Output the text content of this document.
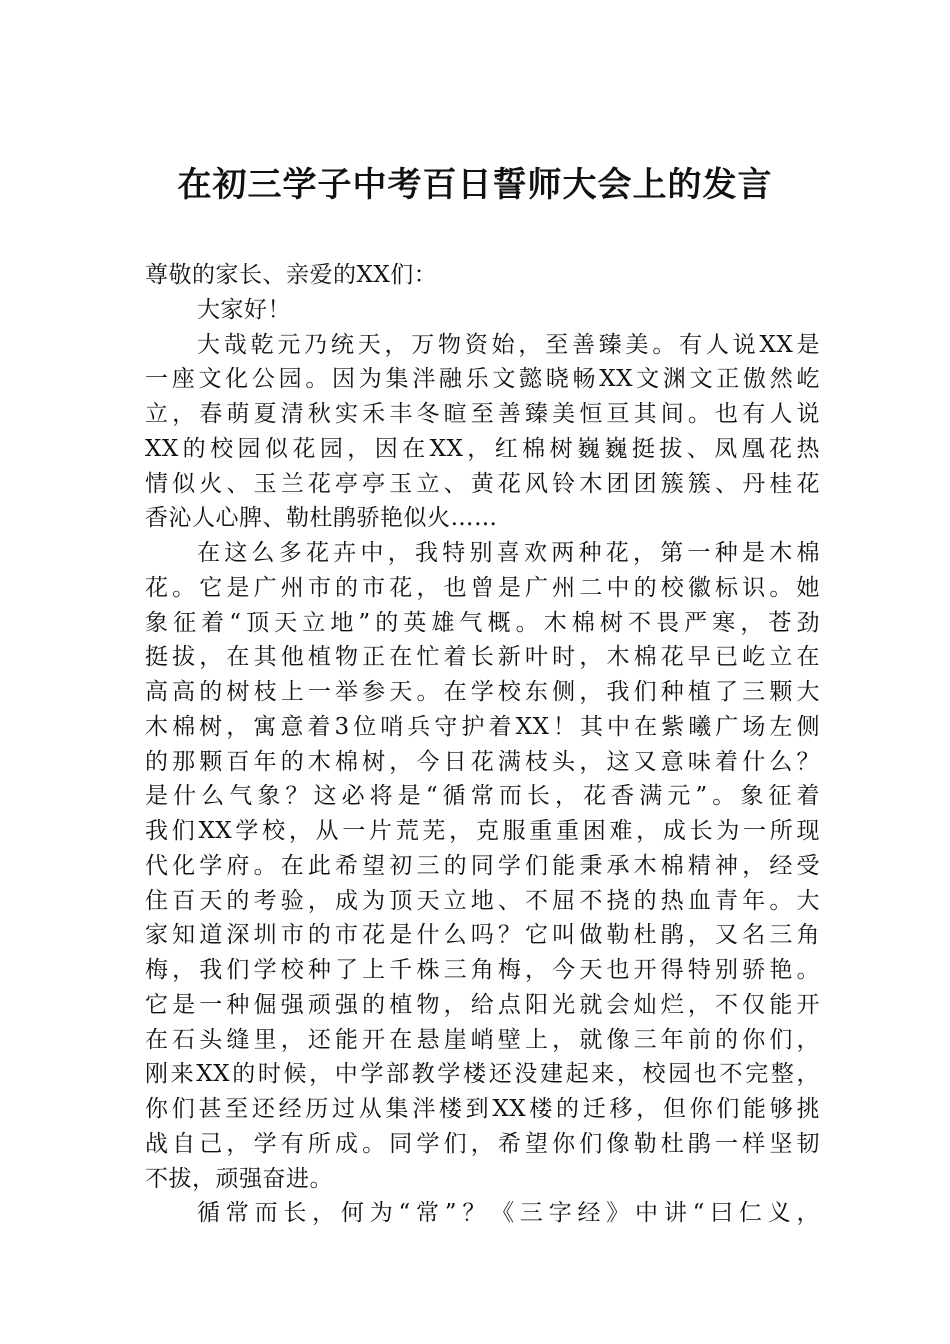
在初三学子中考百日誓师大会上的发言
尊敬的家长、亲爱的XX们：
大家好！
大哉乾元乃统天，万物资始，至善臻美。有人说XX是
一座文化公园。因为集泮融乐文懿晓畅XX文渊文正傲然屹
立，春萌夏清秋实禾丰冬暄至善臻美恒亘其间。也有人说
XX的校园似花园，因在XX，红棉树巍巍挺拔、凤凰花热
情似火、玉兰花亭亭玉立、黄花风铃木团团簇簇、丹桂花
香沁人心脾、勒杜鹃骄艳似火……
在这么多花卉中，我特别喜欢两种花，第一种是木棉
花。它是广州市的市花，也曾是广州二中的校徽标识。她
象征着“顶天立地”的英雄气概。木棉树不畏严寒，苍劲
挺拔，在其他植物正在忙着长新叶时，木棉花早已屹立在
高高的树枝上一举参天。在学校东侧，我们种植了三颗大
木棉树，寓意着3位哨兵守护着XX！其中在紫曦广场左侧
的那颗百年的木棉树，今日花满枝头，这又意味着什么？
是什么气象？这必将是“循常而长，花香满元”。象征着
我们XX学校，从一片荒芜，克服重重困难，成长为一所现
代化学府。在此希望初三的同学们能秉承木棉精神，经受
住百天的考验，成为顶天立地、不屈不挠的热血青年。大
家知道深圳市的市花是什么吗？它叫做勒杜鹃，又名三角
梅，我们学校种了上千株三角梅，今天也开得特别骄艳。
它是一种倔强顽强的植物，给点阳光就会灿烂，不仅能开
在石头缝里，还能开在悬崖峭壁上，就像三年前的你们，
刚来XX的时候，中学部教学楼还没建起来，校园也不完整，
你们甚至还经历过从集泮楼到XX楼的迁移，但你们能够挑
战自己，学有所成。同学们，希望你们像勒杜鹃一样坚韧
不拔，顽强奋进。
循常而长，何为“常”？《三字经》中讲“曰仁义，
